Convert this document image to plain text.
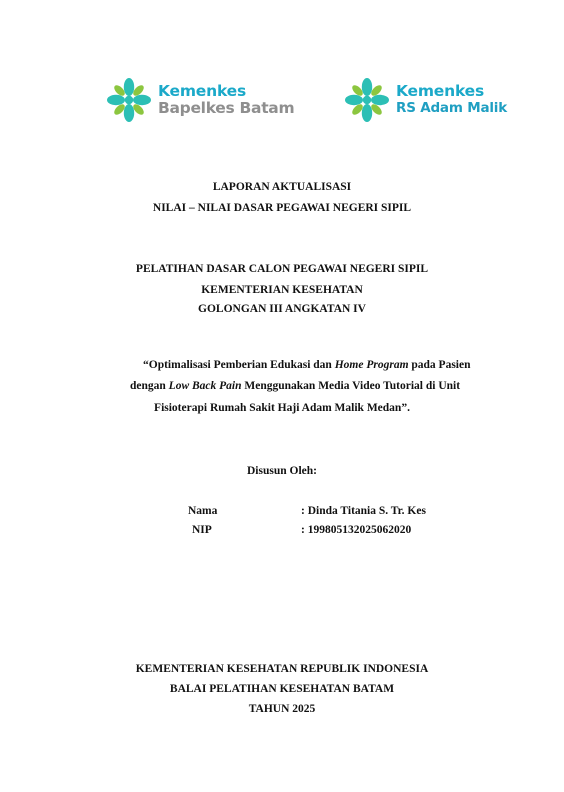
Kemenkes
Bapelkes Batam
Kemenkes
RS Adam Malik
LAPORAN AKTUALISASI
NILAI – NILAI DASAR PEGAWAI NEGERI SIPIL
PELATIHAN DASAR CALON PEGAWAI NEGERI SIPIL
KEMENTERIAN KESEHATAN
GOLONGAN III ANGKATAN IV
“Optimalisasi Pemberian Edukasi dan Home Program pada Pasien
dengan Low Back Pain Menggunakan Media Video Tutorial di Unit
Fisioterapi Rumah Sakit Haji Adam Malik Medan”.
Disusun Oleh:
Nama	: Dinda Titania S. Tr. Kes
NIP	: 199805132025062020
KEMENTERIAN KESEHATAN REPUBLIK INDONESIA
BALAI PELATIHAN KESEHATAN BATAM
TAHUN 2025
